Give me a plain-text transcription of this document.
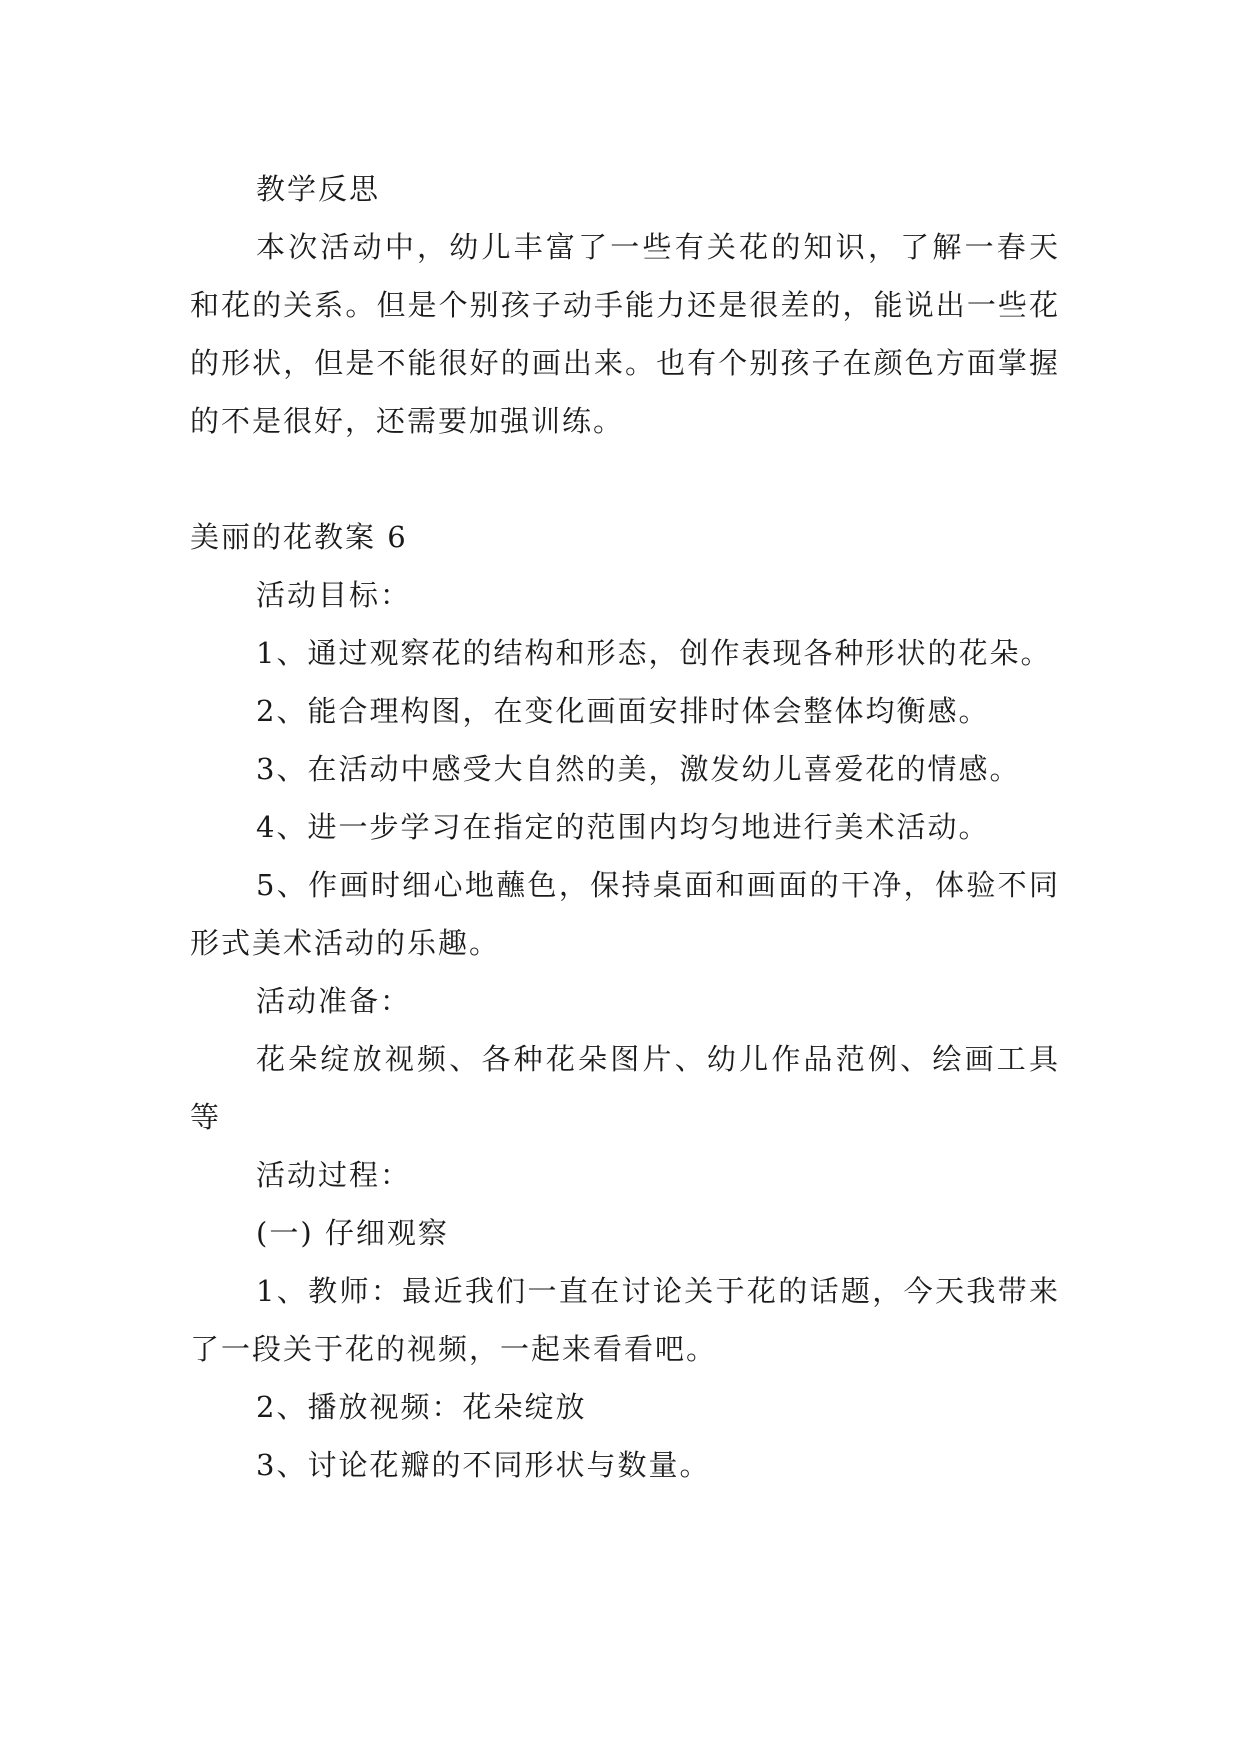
教学反思

本次活动中，幼儿丰富了一些有关花的知识，了解一春天和花的关系。但是个别孩子动手能力还是很差的，能说出一些花的形状，但是不能很好的画出来。也有个别孩子在颜色方面掌握的不是很好，还需要加强训练。

美丽的花教案 6

活动目标：

1、通过观察花的结构和形态，创作表现各种形状的花朵。

2、能合理构图，在变化画面安排时体会整体均衡感。

3、在活动中感受大自然的美，激发幼儿喜爱花的情感。

4、进一步学习在指定的范围内均匀地进行美术活动。

5、作画时细心地蘸色，保持桌面和画面的干净，体验不同形式美术活动的乐趣。

活动准备：

花朵绽放视频、各种花朵图片、幼儿作品范例、绘画工具等

活动过程：

(一) 仔细观察

1、教师：最近我们一直在讨论关于花的话题，今天我带来了一段关于花的视频，一起来看看吧。

2、播放视频：花朵绽放

3、讨论花瓣的不同形状与数量。
